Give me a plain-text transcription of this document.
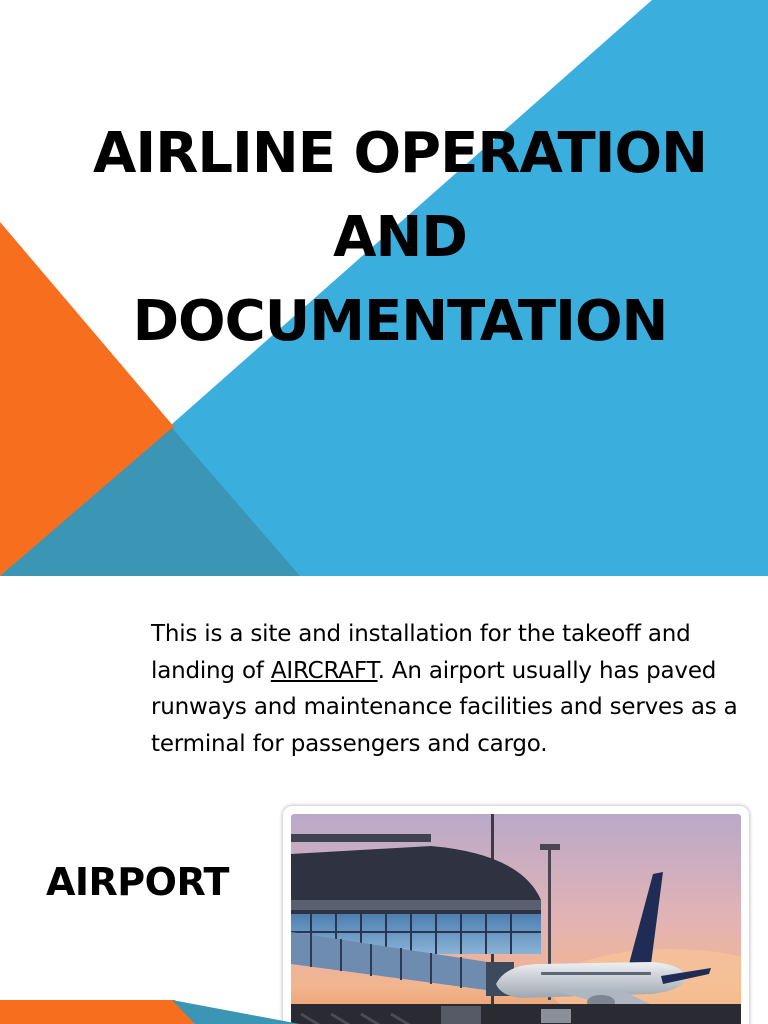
AIRLINE OPERATION
AND
DOCUMENTATION

This is a site and installation for the takeoff and landing of AIRCRAFT. An airport usually has paved runways and maintenance facilities and serves as a terminal for passengers and cargo.

AIRPORT
